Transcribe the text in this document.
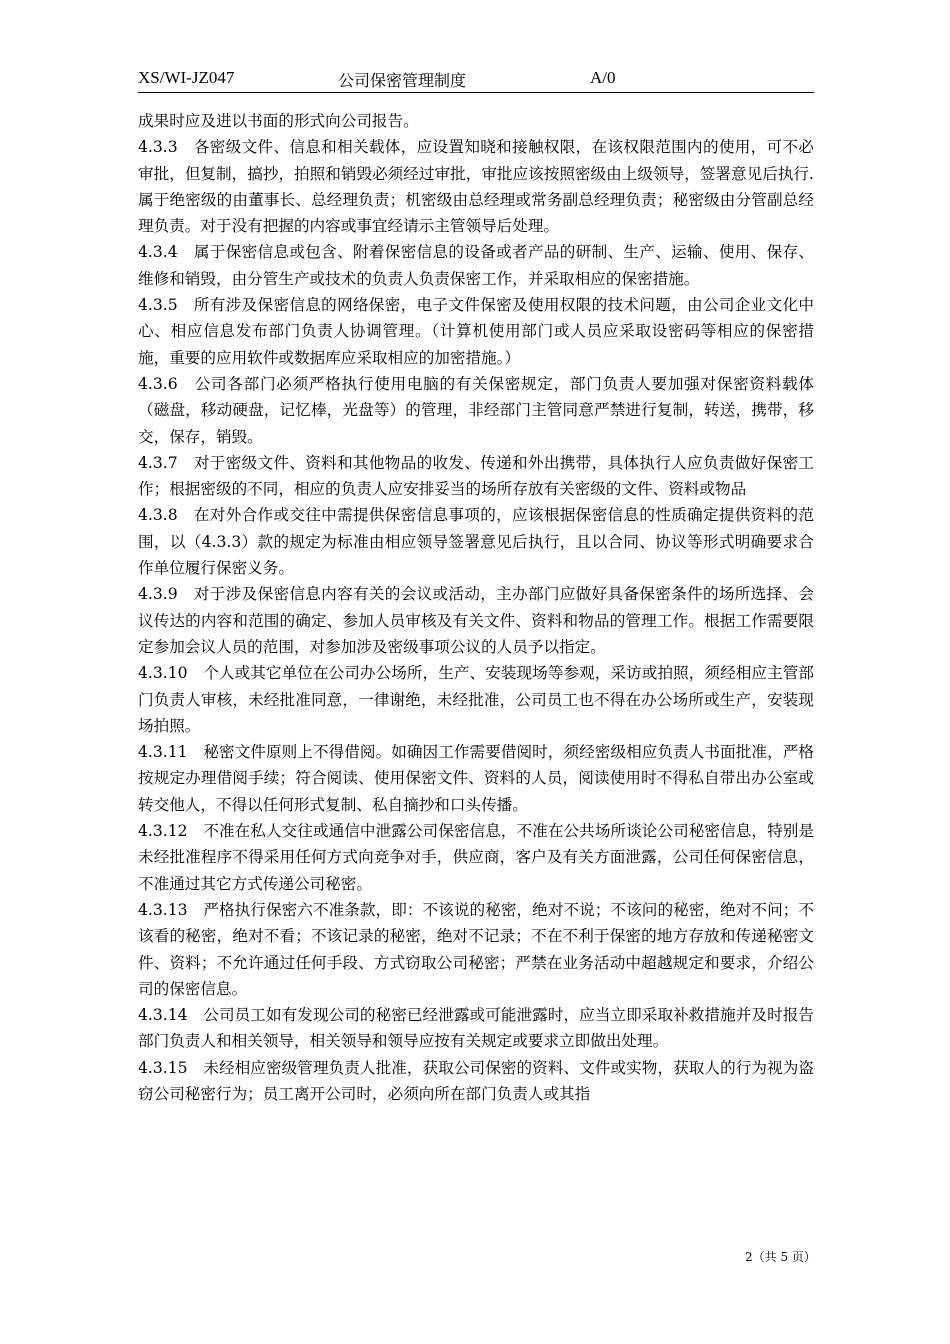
XS/WI-JZ047	公司保密管理制度	A/0

成果时应及进以书面的形式向公司报告。

4.3.3　各密级文件、信息和相关载体，应设置知晓和接触权限，在该权限范围内的使用，可不必审批，但复制，搞抄，拍照和销毁必须经过审批，审批应该按照密级由上级领导，签署意见后执行.属于绝密级的由董事长、总经理负责；机密级由总经理或常务副总经理负责；秘密级由分管副总经理负责。对于没有把握的内容或事宜经请示主管领导后处理。

4.3.4　属于保密信息或包含、附着保密信息的设备或者产品的研制、生产、运输、使用、保存、维修和销毁，由分管生产或技术的负责人负责保密工作，并采取相应的保密措施。

4.3.5　所有涉及保密信息的网络保密，电子文件保密及使用权限的技术问题，由公司企业文化中心、相应信息发布部门负责人协调管理。（计算机使用部门或人员应采取设密码等相应的保密措施，重要的应用软件或数据库应采取相应的加密措施。）

4.3.6　公司各部门必须严格执行使用电脑的有关保密规定，部门负责人要加强对保密资料载体（磁盘，移动硬盘，记忆棒，光盘等）的管理，非经部门主管同意严禁进行复制，转送，携带，移交，保存，销毁。

4.3.7　对于密级文件、资料和其他物品的收发、传递和外出携带，具体执行人应负责做好保密工作；根据密级的不同，相应的负责人应安排妥当的场所存放有关密级的文件、资料或物品

4.3.8　在对外合作或交往中需提供保密信息事项的，应该根据保密信息的性质确定提供资料的范围，以（4.3.3）款的规定为标准由相应领导签署意见后执行，且以合同、协议等形式明确要求合作单位履行保密义务。

4.3.9　对于涉及保密信息内容有关的会议或活动，主办部门应做好具备保密条件的场所选择、会议传达的内容和范围的确定、参加人员审核及有关文件、资料和物品的管理工作。根据工作需要限定参加会议人员的范围，对参加涉及密级事项公议的人员予以指定。

4.3.10　个人或其它单位在公司办公场所，生产、安装现场等参观，采访或拍照，须经相应主管部门负责人审核，未经批准同意，一律谢绝，未经批准，公司员工也不得在办公场所或生产，安装现场拍照。

4.3.11　秘密文件原则上不得借阅。如确因工作需要借阅时，须经密级相应负责人书面批准，严格按规定办理借阅手续；符合阅读、使用保密文件、资料的人员，阅读使用时不得私自带出办公室或转交他人，不得以任何形式复制、私自摘抄和口头传播。

4.3.12　不准在私人交往或通信中泄露公司保密信息，不准在公共场所谈论公司秘密信息，特别是未经批准程序不得采用任何方式向竞争对手，供应商，客户及有关方面泄露，公司任何保密信息，不准通过其它方式传递公司秘密。

4.3.13　严格执行保密六不准条款，即：不该说的秘密，绝对不说；不该问的秘密，绝对不问；不该看的秘密，绝对不看；不该记录的秘密，绝对不记录；不在不利于保密的地方存放和传递秘密文件、资料；不允许通过任何手段、方式窃取公司秘密；严禁在业务活动中超越规定和要求，介绍公司的保密信息。

4.3.14　公司员工如有发现公司的秘密已经泄露或可能泄露时，应当立即采取补救措施并及时报告部门负责人和相关领导，相关领导和领导应按有关规定或要求立即做出处理。

4.3.15　未经相应密级管理负责人批准，获取公司保密的资料、文件或实物，获取人的行为视为盗窃公司秘密行为；员工离开公司时，必须向所在部门负责人或其指

2（共 5 页）
